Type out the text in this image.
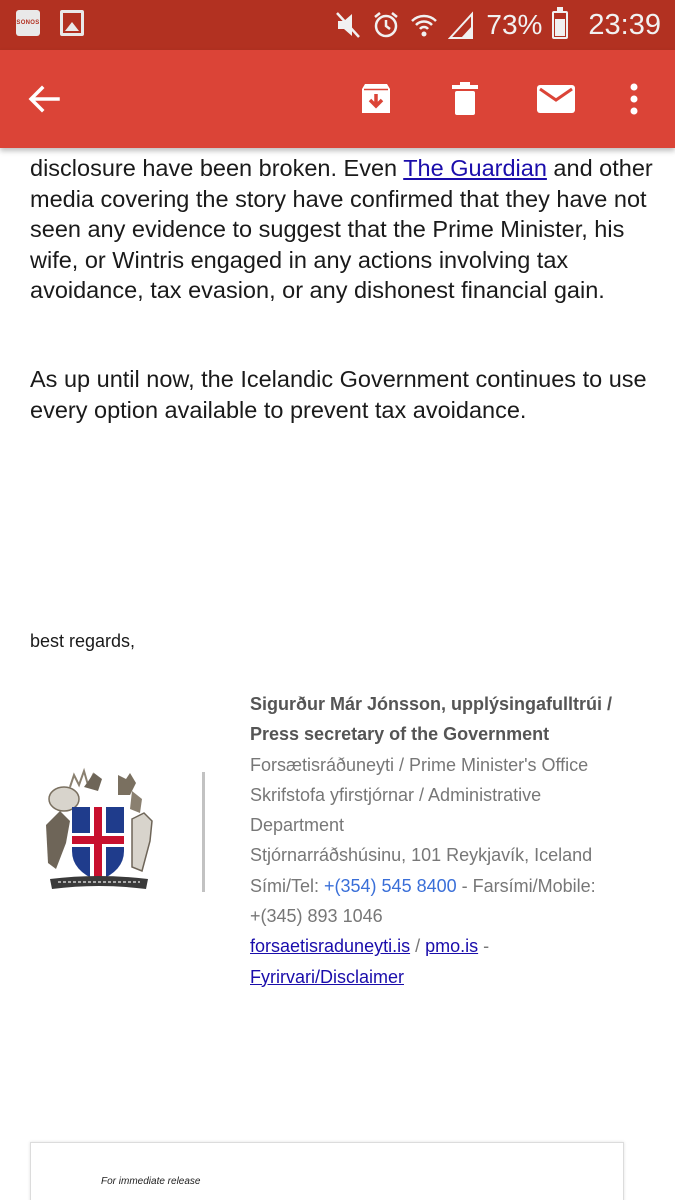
SONOS	73% 23:39

disclosure have been broken. Even The Guardian and other media covering the story have confirmed that they have not seen any evidence to suggest that the Prime Minister, his wife, or Wintris engaged in any actions involving tax avoidance, tax evasion, or any dishonest financial gain.

As up until now, the Icelandic Government continues to use every option available to prevent tax avoidance.

best regards,
Sigurður Már Jónsson, upplýsingafulltrúi /
Press secretary of the Government
Forsætisráðuneyti / Prime Minister's Office
Skrifstofa yfirstjórnar / Administrative
Department
Stjórnarráðshúsinu, 101 Reykjavík, Iceland
Sími/Tel: +(354) 545 8400 - Farsími/Mobile:
+(345) 893 1046
forsaetisraduneyti.is / pmo.is -
Fyrirvari/Disclaimer
For immediate release
